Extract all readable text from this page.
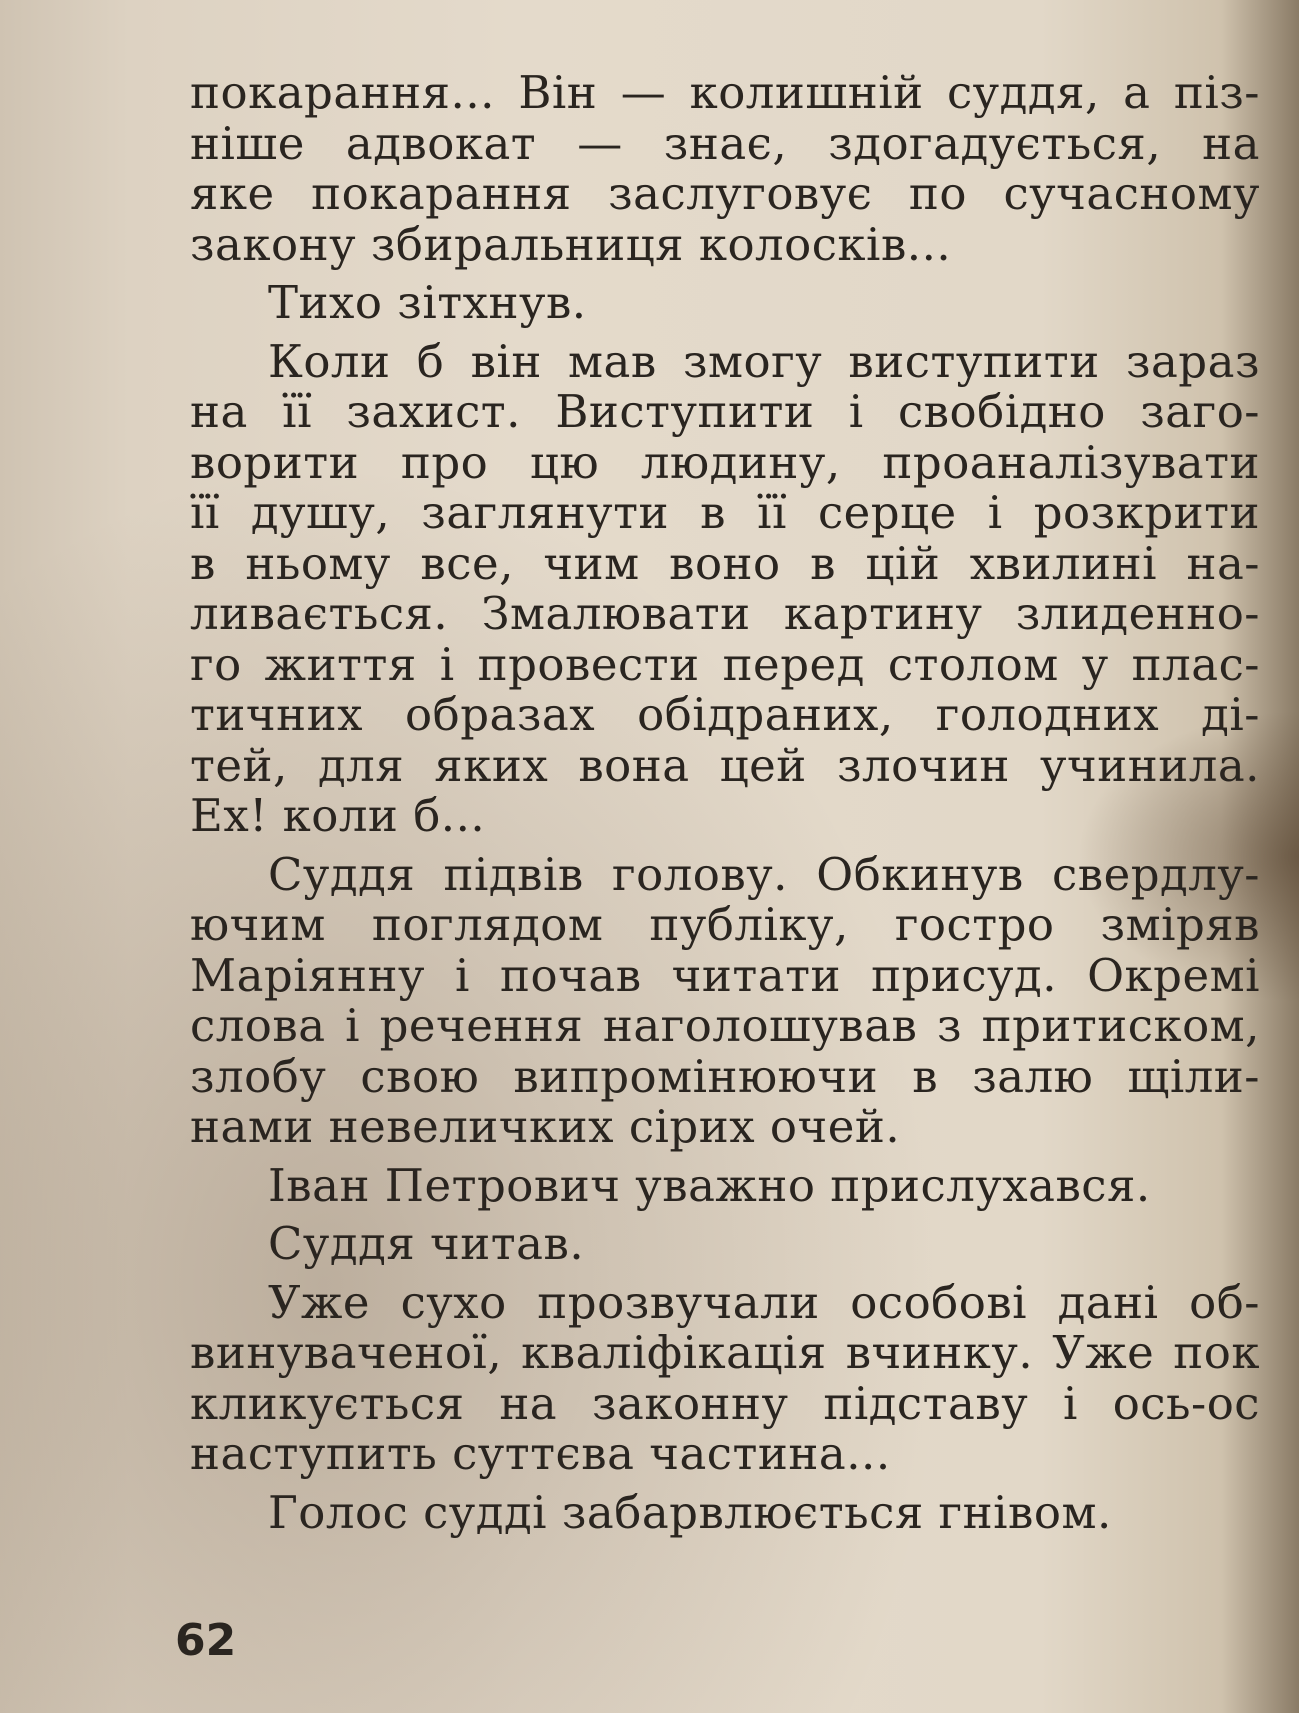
покарання... Він — колишній суддя, а пiз-
нiше адвокат — знає, здогадується, на
яке покарання заслуговує по сучасному
закону збиральниця колосків...
Тихо зітхнув.
Коли б він мав змогу виступити зараз
на її захист. Виступити і свобідно заго-
ворити про цю людину, проаналізувати
її душу, заглянути в її серце і розкрити
в ньому все, чим воно в цій хвилині на-
ливається. Змалювати картину злиденно-
го життя і провести перед столом у плас-
тичних образах обідраних, голодних ді-
тей, для яких вона цей злочин учинила.
Ех! коли б...
Суддя підвів голову. Обкинув свердлу-
ючим поглядом публіку, гостро зміряв
Маріянну і почав читати присуд. Окремі
слова і речення наголошував з притиском,
злобу свою випромінюючи в залю щіли-
нами невеличких сірих очей.
Іван Петрович уважно прислухався.
Суддя читав.
Уже сухо прозвучали особові дані об-
винуваченої, кваліфікація вчинку. Уже пок
кликується на законну підставу і ось-ос
наступить суттєва частина...
Голос судді забарвлюється гнівом.
62
